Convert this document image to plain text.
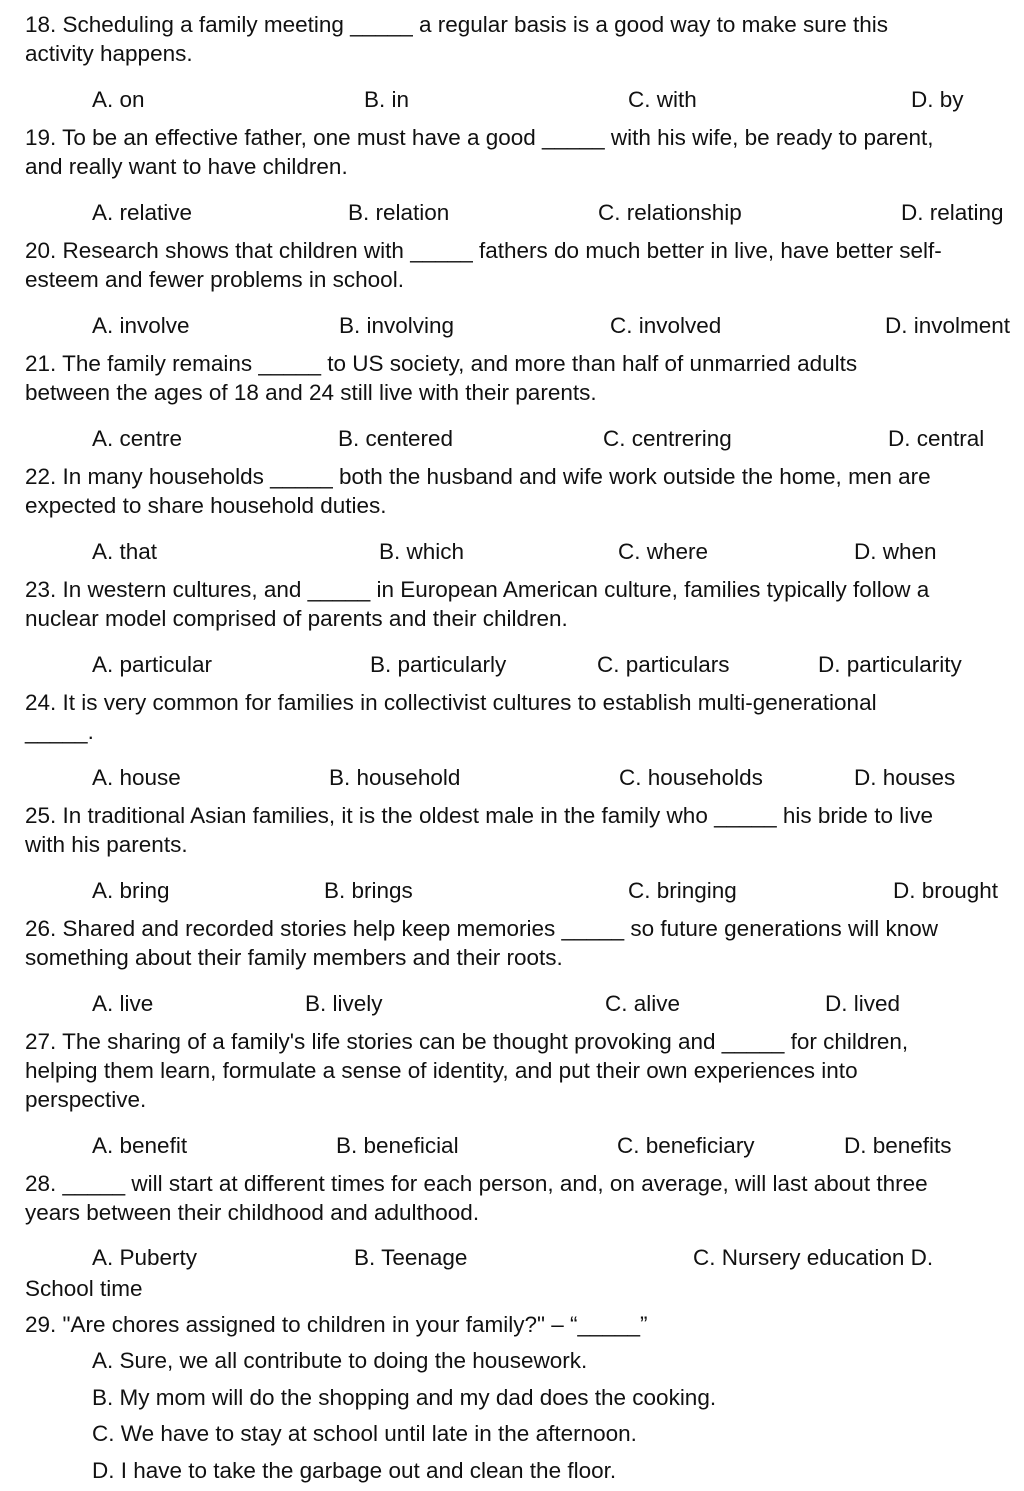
18. Scheduling a family meeting _____ a regular basis is a good way to make sure this

activity happens.

A. on	B. in	C. with	D. by

19. To be an effective father, one must have a good _____ with his wife, be ready to parent,

and really want to have children.

A. relative	B. relation	C. relationship	D. relating

20. Research shows that children with _____ fathers do much better in live, have better self-

esteem and fewer problems in school.

A. involve	B. involving	C. involved	D. involment

21. The family remains _____ to US society, and more than half of unmarried adults

between the ages of 18 and 24 still live with their parents.

A. centre	B. centered	C. centrering	D. central

22. In many households _____ both the husband and wife work outside the home, men are

expected to share household duties.

A. that	B. which	C. where	D. when

23. In western cultures, and _____ in European American culture, families typically follow a

nuclear model comprised of parents and their children.

A. particular	B. particularly	C. particulars	D. particularity

24. It is very common for families in collectivist cultures to establish multi-generational

_____.

A. house	B. household	C. households	D. houses

25. In traditional Asian families, it is the oldest male in the family who _____ his bride to live

with his parents.

A. bring	B. brings	C. bringing	D. brought

26. Shared and recorded stories help keep memories _____ so future generations will know

something about their family members and their roots.

A. live	B. lively	C. alive	D. lived

27. The sharing of a family's life stories can be thought provoking and _____ for children,

helping them learn, formulate a sense of identity, and put their own experiences into

perspective.

A. benefit	B. beneficial	C. beneficiary	D. benefits

28. _____ will start at different times for each person, and, on average, will last about three

years between their childhood and adulthood.

A. Puberty	B. Teenage	C. Nursery education D.
School time

29. "Are chores assigned to children in your family?" – “_____”

A. Sure, we all contribute to doing the housework.
B. My mom will do the shopping and my dad does the cooking.
C. We have to stay at school until late in the afternoon.
D. I have to take the garbage out and clean the floor.
